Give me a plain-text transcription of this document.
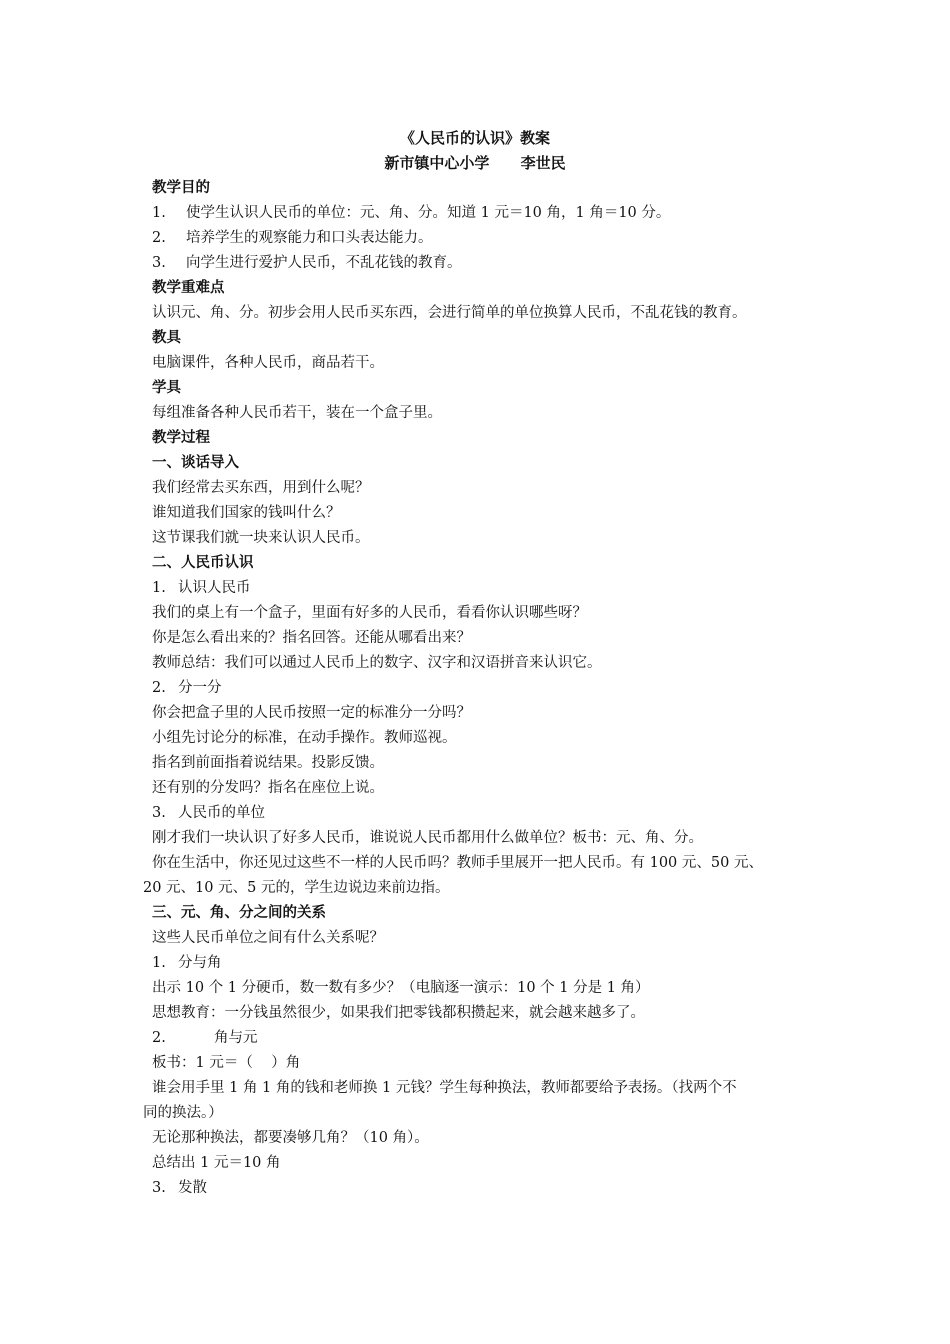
《人民币的认识》教案
新市镇中心小学      李世民
教学目的
1. 使学生认识人民币的单位：元、角、分。知道 1 元＝10 角，1 角＝10 分。
2. 培养学生的观察能力和口头表达能力。
3. 向学生进行爱护人民币，不乱花钱的教育。
教学重难点
认识元、角、分。初步会用人民币买东西，会进行简单的单位换算人民币，不乱花钱的教育。
教具
电脑课件，各种人民币，商品若干。
学具
每组准备各种人民币若干，装在一个盒子里。
教学过程
一、谈话导入
我们经常去买东西，用到什么呢？
谁知道我们国家的钱叫什么？
这节课我们就一块来认识人民币。
二、人民币认识
1. 认识人民币
我们的桌上有一个盒子，里面有好多的人民币，看看你认识哪些呀？
你是怎么看出来的？指名回答。还能从哪看出来？
教师总结：我们可以通过人民币上的数字、汉字和汉语拼音来认识它。
2. 分一分
你会把盒子里的人民币按照一定的标准分一分吗？
小组先讨论分的标准，在动手操作。教师巡视。
指名到前面指着说结果。投影反馈。
还有别的分发吗？指名在座位上说。
3. 人民币的单位
刚才我们一块认识了好多人民币，谁说说人民币都用什么做单位？板书：元、角、分。
你在生活中，你还见过这些不一样的人民币吗？教师手里展开一把人民币。有 100 元、50 元、
20 元、10 元、5 元的，学生边说边来前边指。
三、元、角、分之间的关系
这些人民币单位之间有什么关系呢？
1. 分与角
出示 10 个 1 分硬币，数一数有多少？（电脑逐一演示：10 个 1 分是 1 角）
思想教育：一分钱虽然很少，如果我们把零钱都积攒起来，就会越来越多了。
2.	角与元
板书：1 元＝（    ）角
谁会用手里 1 角 1 角的钱和老师换 1 元钱？学生每种换法，教师都要给予表扬。（找两个不
同的换法。）
无论那种换法，都要凑够几角？（10 角）。
总结出 1 元＝10 角
3. 发散
